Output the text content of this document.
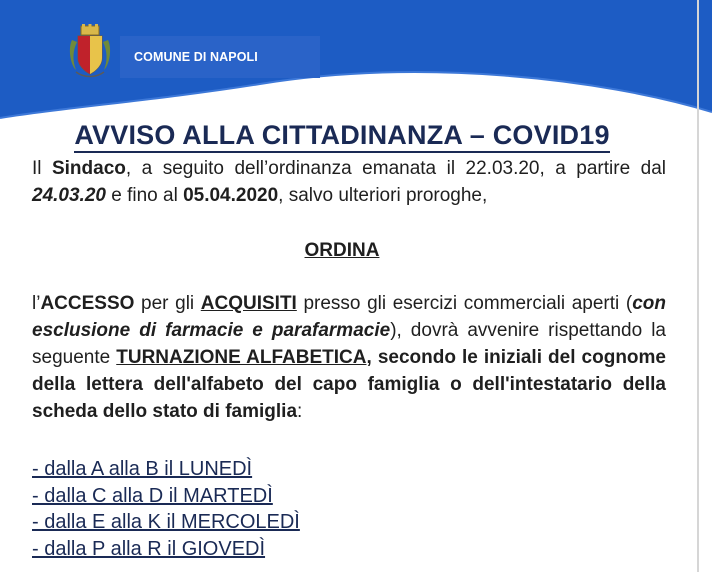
COMUNE DI NAPOLI
AVVISO ALLA CITTADINANZA – COVID19
Il Sindaco, a seguito dell’ordinanza emanata il 22.03.20, a partire dal 24.03.20 e fino al 05.04.2020, salvo ulteriori proroghe,
ORDINA
l’ACCESSO per gli ACQUISITI presso gli esercizi commerciali aperti (con esclusione di farmacie e parafarmacie), dovrà avvenire rispettando la seguente TURNAZIONE ALFABETICA, secondo le iniziali del cognome della lettera dell'alfabeto del capo famiglia o dell'intestatario della scheda dello stato di famiglia:
- dalla A alla B il LUNEDÌ
- dalla C alla D il MARTEDÌ
- dalla E alla K il MERCOLEDÌ
- dalla P alla R il GIOVEDÌ
